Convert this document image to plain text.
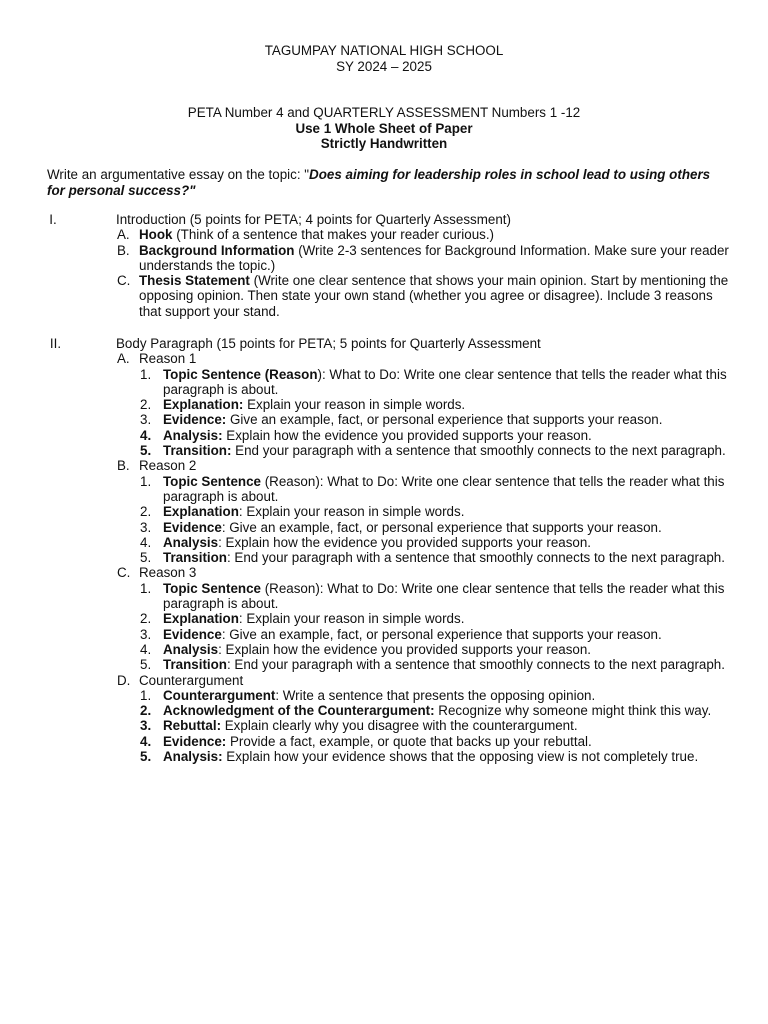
TAGUMPAY NATIONAL HIGH SCHOOL
SY 2024 – 2025
PETA Number 4 and QUARTERLY ASSESSMENT Numbers 1 -12
Use 1 Whole Sheet of Paper
Strictly Handwritten
Write an argumentative essay on the topic: "Does aiming for leadership roles in school lead to using others for personal success?"
I.	Introduction (5 points for PETA; 4 points for Quarterly Assessment)
A. Hook (Think of a sentence that makes your reader curious.)
B. Background Information (Write 2-3 sentences for Background Information. Make sure your reader understands the topic.)
C. Thesis Statement (Write one clear sentence that shows your main opinion. Start by mentioning the opposing opinion. Then state your own stand (whether you agree or disagree). Include 3 reasons that support your stand.
II.	Body Paragraph (15 points for PETA; 5 points for Quarterly Assessment
A. Reason 1
1. Topic Sentence (Reason): What to Do: Write one clear sentence that tells the reader what this paragraph is about.
2. Explanation: Explain your reason in simple words.
3. Evidence: Give an example, fact, or personal experience that supports your reason.
4. Analysis: Explain how the evidence you provided supports your reason.
5. Transition: End your paragraph with a sentence that smoothly connects to the next paragraph.
B. Reason 2
1. Topic Sentence (Reason): What to Do: Write one clear sentence that tells the reader what this paragraph is about.
2. Explanation: Explain your reason in simple words.
3. Evidence: Give an example, fact, or personal experience that supports your reason.
4. Analysis: Explain how the evidence you provided supports your reason.
5. Transition: End your paragraph with a sentence that smoothly connects to the next paragraph.
C. Reason 3
1. Topic Sentence (Reason): What to Do: Write one clear sentence that tells the reader what this paragraph is about.
2. Explanation: Explain your reason in simple words.
3. Evidence: Give an example, fact, or personal experience that supports your reason.
4. Analysis: Explain how the evidence you provided supports your reason.
5. Transition: End your paragraph with a sentence that smoothly connects to the next paragraph.
D. Counterargument
1. Counterargument: Write a sentence that presents the opposing opinion.
2. Acknowledgment of the Counterargument: Recognize why someone might think this way.
3. Rebuttal: Explain clearly why you disagree with the counterargument.
4. Evidence: Provide a fact, example, or quote that backs up your rebuttal.
5. Analysis: Explain how your evidence shows that the opposing view is not completely true.
